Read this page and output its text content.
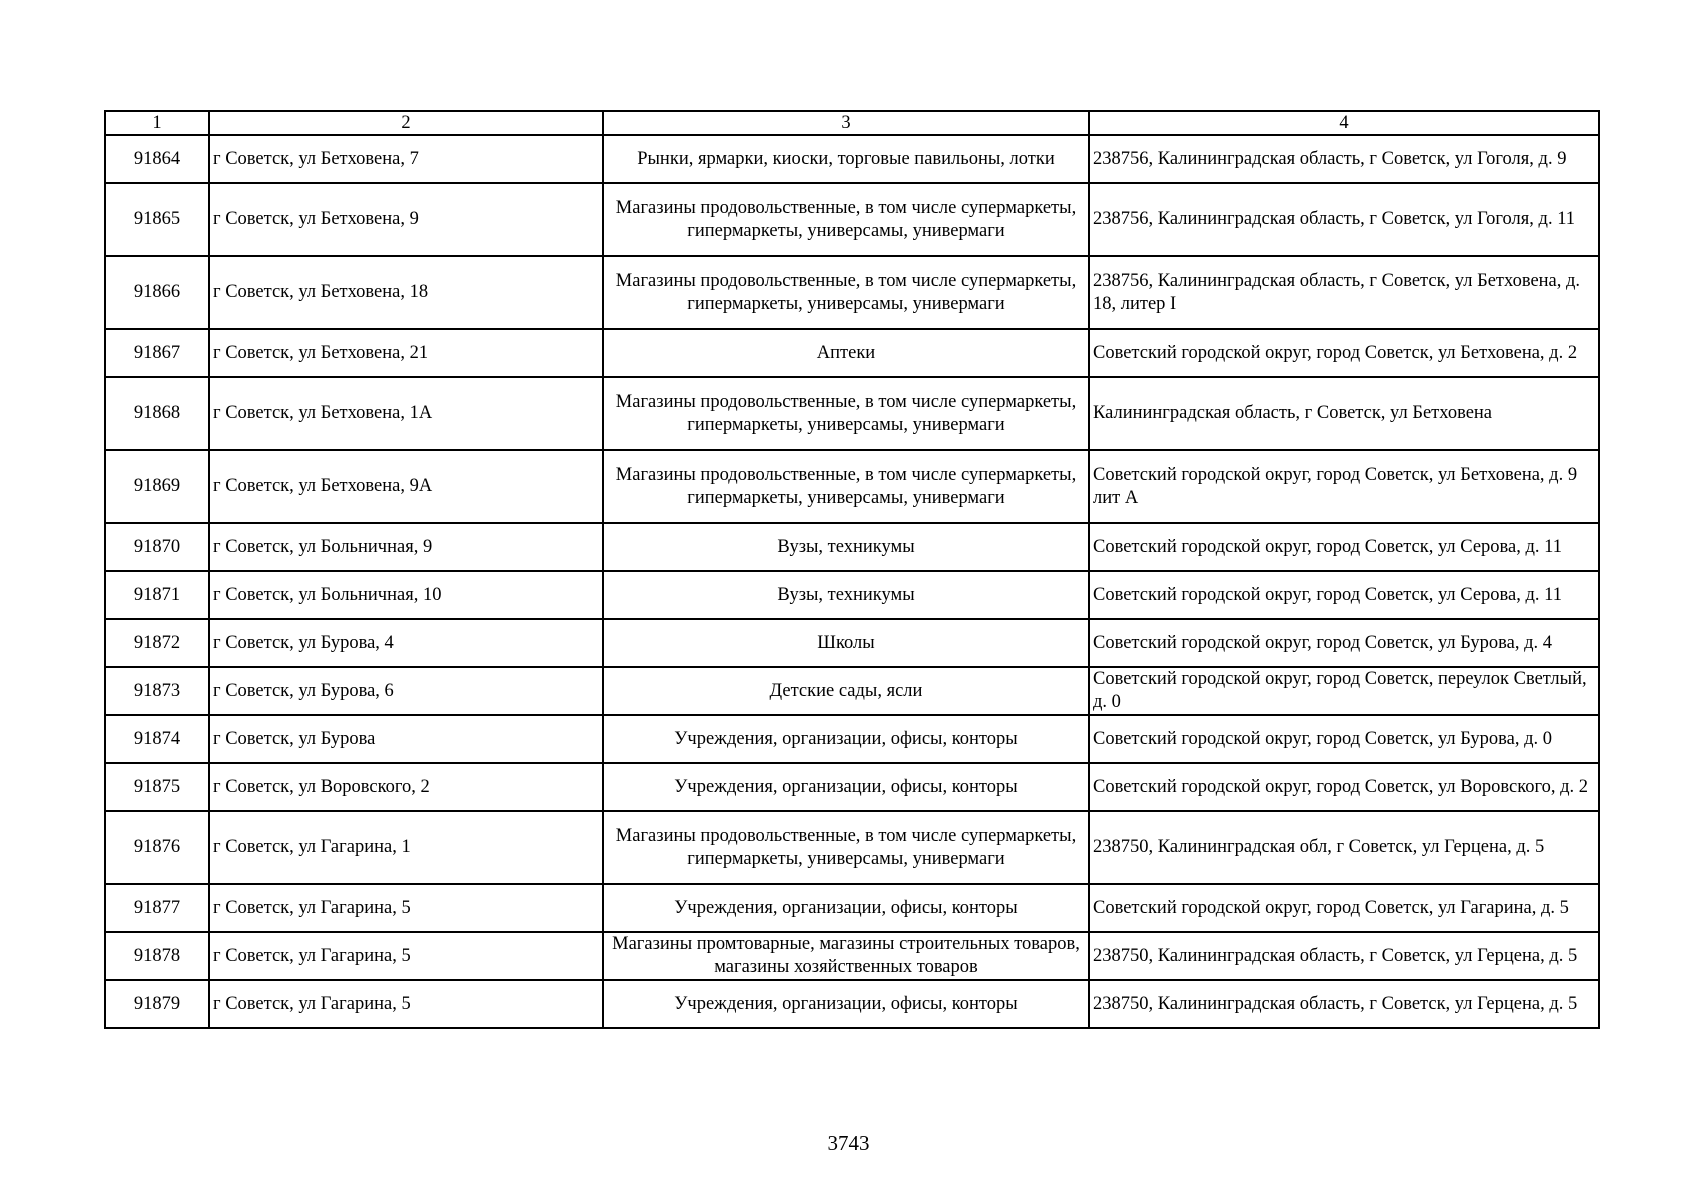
1	2	3	4
91864	г Советск, ул Бетховена, 7	Рынки, ярмарки, киоски, торговые павильоны, лотки	238756, Калининградская область, г Советск, ул Гоголя, д. 9
91865	г Советск, ул Бетховена, 9	Магазины продовольственные, в том числе супермаркеты, гипермаркеты, универсамы, универмаги	238756, Калининградская область, г Советск, ул Гоголя, д. 11
91866	г Советск, ул Бетховена, 18	Магазины продовольственные, в том числе супермаркеты, гипермаркеты, универсамы, универмаги	238756, Калининградская область, г Советск, ул Бетховена, д. 18, литер I
91867	г Советск, ул Бетховена, 21	Аптеки	Советский городской округ, город Советск, ул Бетховена, д. 2
91868	г Советск, ул Бетховена, 1А	Магазины продовольственные, в том числе супермаркеты, гипермаркеты, универсамы, универмаги	Калининградская область, г Советск, ул Бетховена
91869	г Советск, ул Бетховена, 9А	Магазины продовольственные, в том числе супермаркеты, гипермаркеты, универсамы, универмаги	Советский городской округ, город Советск, ул Бетховена, д. 9 лит А
91870	г Советск, ул Больничная, 9	Вузы, техникумы	Советский городской округ, город Советск, ул Серова, д. 11
91871	г Советск, ул Больничная, 10	Вузы, техникумы	Советский городской округ, город Советск, ул Серова, д. 11
91872	г Советск, ул Бурова, 4	Школы	Советский городской округ, город Советск, ул Бурова, д. 4
91873	г Советск, ул Бурова, 6	Детские сады, ясли	Советский городской округ, город Советск, переулок Светлый, д. 0
91874	г Советск, ул Бурова	Учреждения, организации, офисы, конторы	Советский городской округ, город Советск, ул Бурова, д. 0
91875	г Советск, ул Воровского, 2	Учреждения, организации, офисы, конторы	Советский городской округ, город Советск, ул Воровского, д. 2
91876	г Советск, ул Гагарина, 1	Магазины продовольственные, в том числе супермаркеты, гипермаркеты, универсамы, универмаги	238750, Калининградская обл, г Советск, ул Герцена, д. 5
91877	г Советск, ул Гагарина, 5	Учреждения, организации, офисы, конторы	Советский городской округ, город Советск, ул Гагарина, д. 5
91878	г Советск, ул Гагарина, 5	Магазины промтоварные, магазины строительных товаров, магазины хозяйственных товаров	238750, Калининградская область, г Советск, ул Герцена, д. 5
91879	г Советск, ул Гагарина, 5	Учреждения, организации, офисы, конторы	238750, Калининградская область, г Советск, ул Герцена, д. 5
3743
